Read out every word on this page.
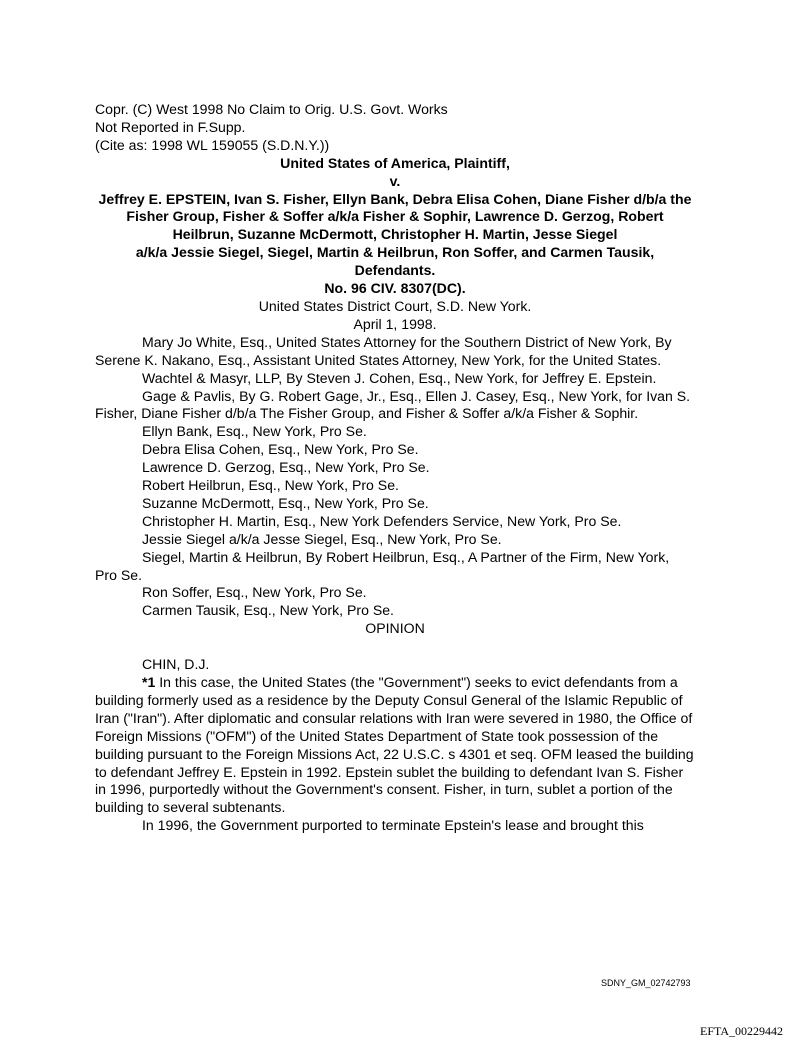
Copr. (C) West 1998 No Claim to Orig. U.S. Govt. Works

Not Reported in F.Supp.

(Cite as: 1998 WL 159055 (S.D.N.Y.))

United States of America, Plaintiff,

v.

Jeffrey E. EPSTEIN, Ivan S. Fisher, Ellyn Bank, Debra Elisa Cohen, Diane Fisher d/b/a the Fisher Group, Fisher & Soffer a/k/a Fisher & Sophir, Lawrence D. Gerzog, Robert Heilbrun, Suzanne McDermott, Christopher H. Martin, Jesse Siegel

a/k/a Jessie Siegel, Siegel, Martin & Heilbrun, Ron Soffer, and Carmen Tausik, Defendants.

No. 96 CIV. 8307(DC).

United States District Court, S.D. New York.

April 1, 1998.

Mary Jo White, Esq., United States Attorney for the Southern District of New York, By Serene K. Nakano, Esq., Assistant United States Attorney, New York, for the United States.

Wachtel & Masyr, LLP, By Steven J. Cohen, Esq., New York, for Jeffrey E. Epstein.

Gage & Pavlis, By G. Robert Gage, Jr., Esq., Ellen J. Casey, Esq., New York, for Ivan S. Fisher, Diane Fisher d/b/a The Fisher Group, and Fisher & Soffer a/k/a Fisher & Sophir.

Ellyn Bank, Esq., New York, Pro Se.

Debra Elisa Cohen, Esq., New York, Pro Se.

Lawrence D. Gerzog, Esq., New York, Pro Se.

Robert Heilbrun, Esq., New York, Pro Se.

Suzanne McDermott, Esq., New York, Pro Se.

Christopher H. Martin, Esq., New York Defenders Service, New York, Pro Se.

Jessie Siegel a/k/a Jesse Siegel, Esq., New York, Pro Se.

Siegel, Martin & Heilbrun, By Robert Heilbrun, Esq., A Partner of the Firm, New York, Pro Se.

Ron Soffer, Esq., New York, Pro Se.

Carmen Tausik, Esq., New York, Pro Se.

OPINION

CHIN, D.J.

*1 In this case, the United States (the "Government") seeks to evict defendants from a building formerly used as a residence by the Deputy Consul General of the Islamic Republic of Iran ("Iran"). After diplomatic and consular relations with Iran were severed in 1980, the Office of Foreign Missions ("OFM") of the United States Department of State took possession of the building pursuant to the Foreign Missions Act, 22 U.S.C. s 4301 et seq. OFM leased the building to defendant Jeffrey E. Epstein in 1992. Epstein sublet the building to defendant Ivan S. Fisher in 1996, purportedly without the Government's consent. Fisher, in turn, sublet a portion of the building to several subtenants.

In 1996, the Government purported to terminate Epstein's lease and brought this

SDNY_GM_02742793
EFTA_00229442
